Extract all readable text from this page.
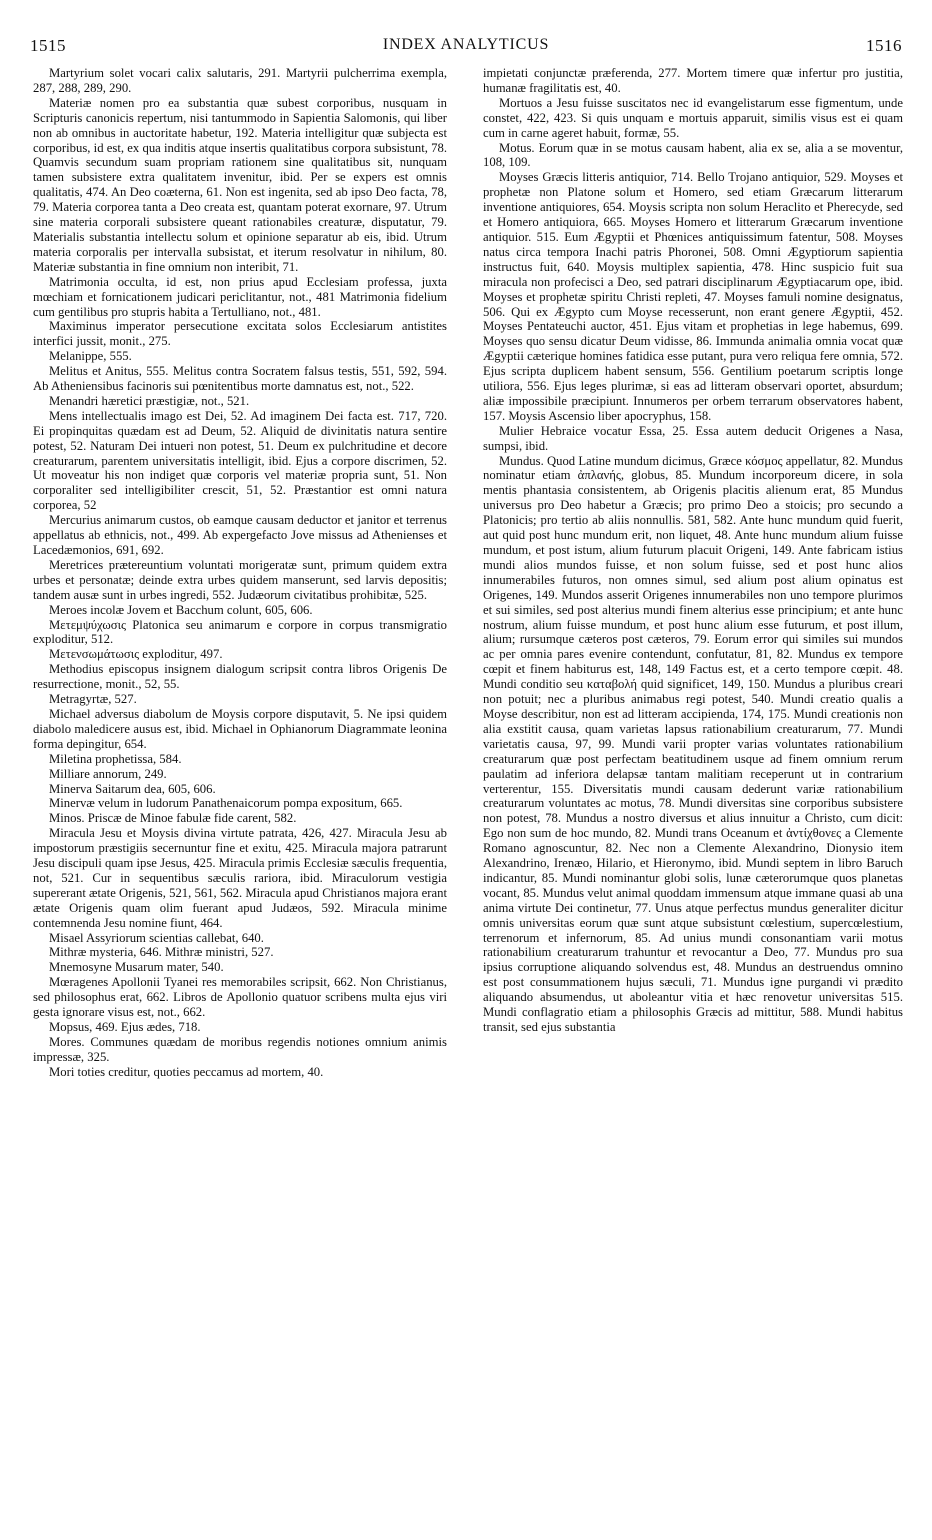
1515	INDEX ANALYTICUS	1516

Martyrium solet vocari calix salutaris, 291. Martyrii pulcherrima exempla, 287, 288, 289, 290.

Materiæ nomen pro ea substantia quæ subest corporibus, nusquam in Scripturis canonicis repertum, nisi tantummodo in Sapientia Salomonis, qui liber non ab omnibus in auctoritate habetur, 192. Materia intelligitur quæ subjecta est corporibus, id est, ex qua inditis atque insertis qualitatibus corpora subsistunt, 78. Quamvis secundum suam propriam rationem sine qualitatibus sit, nunquam tamen subsistere extra qualitatem invenitur, ibid. Per se expers est omnis qualitatis, 474. An Deo coæterna, 61. Non est ingenita, sed ab ipso Deo facta, 78, 79. Materia corporea tanta a Deo creata est, quantam poterat exornare, 97. Utrum sine materia corporali subsistere queant rationabiles creaturæ, disputatur, 79. Materialis substantia intellectu solum et opinione separatur ab eis, ibid. Utrum materia corporalis per intervalla subsistat, et iterum resolvatur in nihilum, 80. Materiæ substantia in fine omnium non interibit, 71.

Matrimonia occulta, id est, non prius apud Ecclesiam professa, juxta mœchiam et fornicationem judicari periclitantur, not., 481 Matrimonia fidelium cum gentilibus pro stupris habita a Tertulliano, not., 481.

Maximinus imperator persecutione excitata solos Ecclesiarum antistites interfici jussit, monit., 275.

Melanippe, 555.

Melitus et Anitus, 555. Melitus contra Socratem falsus testis, 551, 592, 594. Ab Atheniensibus facinoris sui pœnitentibus morte damnatus est, not., 522.

Menandri hæretici præstigiæ, not., 521.

Mens intellectualis imago est Dei, 52. Ad imaginem Dei facta est. 717, 720. Ei propinquitas quædam est ad Deum, 52. Aliquid de divinitatis natura sentire potest, 52. Naturam Dei intueri non potest, 51. Deum ex pulchritudine et decore creaturarum, parentem universitatis intelligit, ibid. Ejus a corpore discrimen, 52. Ut moveatur his non indiget quæ corporis vel materiæ propria sunt, 51. Non corporaliter sed intelligibiliter crescit, 51, 52. Præstantior est omni natura corporea, 52

Mercurius animarum custos, ob eamque causam deductor et janitor et terrenus appellatus ab ethnicis, not., 499. Ab expergefacto Jove missus ad Athenienses et Lacedæmonios, 691, 692.

Meretrices prætereuntium voluntati morigeratæ sunt, primum quidem extra urbes et personatæ; deinde extra urbes quidem manserunt, sed larvis depositis; tandem ausæ sunt in urbes ingredi, 552. Judæorum civitatibus prohibitæ, 525.

Meroes incolæ Jovem et Bacchum colunt, 605, 606.

Μετεμψύχωσις Platonica seu animarum e corpore in corpus transmigratio exploditur, 512.

Μετενσωμάτωσις exploditur, 497.

Methodius episcopus insignem dialogum scripsit contra libros Origenis De resurrectione, monit., 52, 55.

Metragyrtæ, 527.

Michael adversus diabolum de Moysis corpore disputavit, 5. Ne ipsi quidem diabolo maledicere ausus est, ibid. Michael in Ophianorum Diagrammate leonina forma depingitur, 654.

Miletina prophetissa, 584.

Milliare annorum, 249.

Minerva Saitarum dea, 605, 606.

Minervæ velum in ludorum Panathenaicorum pompa expositum, 665.

Minos. Priscæ de Minoe fabulæ fide carent, 582.

Miracula Jesu et Moysis divina virtute patrata, 426, 427. Miracula Jesu ab impostorum præstigiis secernuntur fine et exitu, 425. Miracula majora patrarunt Jesu discipuli quam ipse Jesus, 425. Miracula primis Ecclesiæ sæculis frequentia, not, 521. Cur in sequentibus sæculis rariora, ibid. Miraculorum vestigia supererant ætate Origenis, 521, 561, 562. Miracula apud Christianos majora erant ætate Origenis quam olim fuerant apud Judæos, 592. Miracula minime contemnenda Jesu nomine fiunt, 464.

Misael Assyriorum scientias callebat, 640.

Mithræ mysteria, 646. Mithræ ministri, 527.

Mnemosyne Musarum mater, 540.

Mœragenes Apollonii Tyanei res memorabiles scripsit, 662. Non Christianus, sed philosophus erat, 662. Libros de Apollonio quatuor scribens multa ejus viri gesta ignorare visus est, not., 662.

Mopsus, 469. Ejus ædes, 718.

Mores. Communes quædam de moribus regendis notiones omnium animis impressæ, 325.

Mori toties creditur, quoties peccamus ad mortem, 40.

impietati conjunctæ præferenda, 277. Mortem timere quæ infertur pro justitia, humanæ fragilitatis est, 40.

Mortuos a Jesu fuisse suscitatos nec id evangelistarum esse figmentum, unde constet, 422, 423. Si quis unquam e mortuis apparuit, similis visus est ei quam cum in carne ageret habuit, formæ, 55.

Motus. Eorum quæ in se motus causam habent, alia ex se, alia a se moventur, 108, 109.

Moyses Græcis litteris antiquior, 714. Bello Trojano antiquior, 529. Moyses et prophetæ non Platone solum et Homero, sed etiam Græcarum litterarum inventione antiquiores, 654. Moysis scripta non solum Heraclito et Pherecyde, sed et Homero antiquiora, 665. Moyses Homero et litterarum Græcarum inventione antiquior. 515. Eum Ægyptii et Phœnices antiquissimum fatentur, 508. Moyses natus circa tempora Inachi patris Phoronei, 508. Omni Ægyptiorum sapientia instructus fuit, 640. Moysis multiplex sapientia, 478. Hinc suspicio fuit sua miracula non profecisci a Deo, sed patrari disciplinarum Ægyptiacarum ope, ibid. Moyses et prophetæ spiritu Christi repleti, 47. Moyses famuli nomine designatus, 506. Qui ex Ægypto cum Moyse recesserunt, non erant genere Ægyptii, 452. Moyses Pentateuchi auctor, 451. Ejus vitam et prophetias in lege habemus, 699. Moyses quo sensu dicatur Deum vidisse, 86. Immunda animalia omnia vocat quæ Ægyptii cæterique homines fatidica esse putant, pura vero reliqua fere omnia, 572. Ejus scripta duplicem habent sensum, 556. Gentilium poetarum scriptis longe utiliora, 556. Ejus leges plurimæ, si eas ad litteram observari oportet, absurdum; aliæ impossibile præcipiunt. Innumeros per orbem terrarum observatores habent, 157. Moysis Ascensio liber apocryphus, 158.

Mulier Hebraice vocatur Essa, 25. Essa autem deducit Origenes a Nasa, sumpsi, ibid.

Mundus. Quod Latine mundum dicimus, Græce κόσμος appellatur, 82. Mundus nominatur etiam ἀπλανής, globus, 85. Mundum incorporeum dicere, in sola mentis phantasia consistentem, ab Origenis placitis alienum erat, 85 Mundus universus pro Deo habetur a Græcis; pro primo Deo a stoicis; pro secundo a Platonicis; pro tertio ab aliis nonnullis. 581, 582. Ante hunc mundum quid fuerit, aut quid post hunc mundum erit, non liquet, 48. Ante hunc mundum alium fuisse mundum, et post istum, alium futurum placuit Origeni, 149. Ante fabricam istius mundi alios mundos fuisse, et non solum fuisse, sed et post hunc alios innumerabiles futuros, non omnes simul, sed alium post alium opinatus est Origenes, 149. Mundos asserit Origenes innumerabiles non uno tempore plurimos et sui similes, sed post alterius mundi finem alterius esse principium; et ante hunc nostrum, alium fuisse mundum, et post hunc alium esse futurum, et post illum, alium; rursumque cæteros post cæteros, 79. Eorum error qui similes sui mundos ac per omnia pares evenire contendunt, confutatur, 81, 82. Mundus ex tempore cœpit et finem habiturus est, 148, 149 Factus est, et a certo tempore cœpit. 48. Mundi conditio seu καταβολή quid significet, 149, 150. Mundus a pluribus creari non potuit; nec a pluribus animabus regi potest, 540. Mundi creatio qualis a Moyse describitur, non est ad litteram accipienda, 174, 175. Mundi creationis non alia exstitit causa, quam varietas lapsus rationabilium creaturarum, 77. Mundi varietatis causa, 97, 99. Mundi varii propter varias voluntates rationabilium creaturarum quæ post perfectam beatitudinem usque ad finem omnium rerum paulatim ad inferiora delapsæ tantam malitiam receperunt ut in contrarium verterentur, 155. Diversitatis mundi causam dederunt variæ rationabilium creaturarum voluntates ac motus, 78. Mundi diversitas sine corporibus subsistere non potest, 78. Mundus a nostro diversus et alius innuitur a Christo, cum dicit: Ego non sum de hoc mundo, 82. Mundi trans Oceanum et ἀντίχθονες a Clemente Romano agnoscuntur, 82. Nec non a Clemente Alexandrino, Dionysio item Alexandrino, Irenæo, Hilario, et Hieronymo, ibid. Mundi septem in libro Baruch indicantur, 85. Mundi nominantur globi solis, lunæ cæterorumque quos planetas vocant, 85. Mundus velut animal quoddam immensum atque immane quasi ab una anima virtute Dei continetur, 77. Unus atque perfectus mundus generaliter dicitur omnis universitas eorum quæ sunt atque subsistunt cœlestium, supercœlestium, terrenorum et infernorum, 85. Ad unius mundi consonantiam varii motus rationabilium creaturarum trahuntur et revocantur a Deo, 77. Mundus pro sua ipsius corruptione aliquando solvendus est, 48. Mundus an destruendus omnino est post consummationem hujus sæculi, 71. Mundus igne purgandi vi prædito aliquando absumendus, ut aboleantur vitia et hæc renovetur universitas 515. Mundi conflagratio etiam a philosophis Græcis ad mittitur, 588. Mundi habitus transit, sed ejus substantia
